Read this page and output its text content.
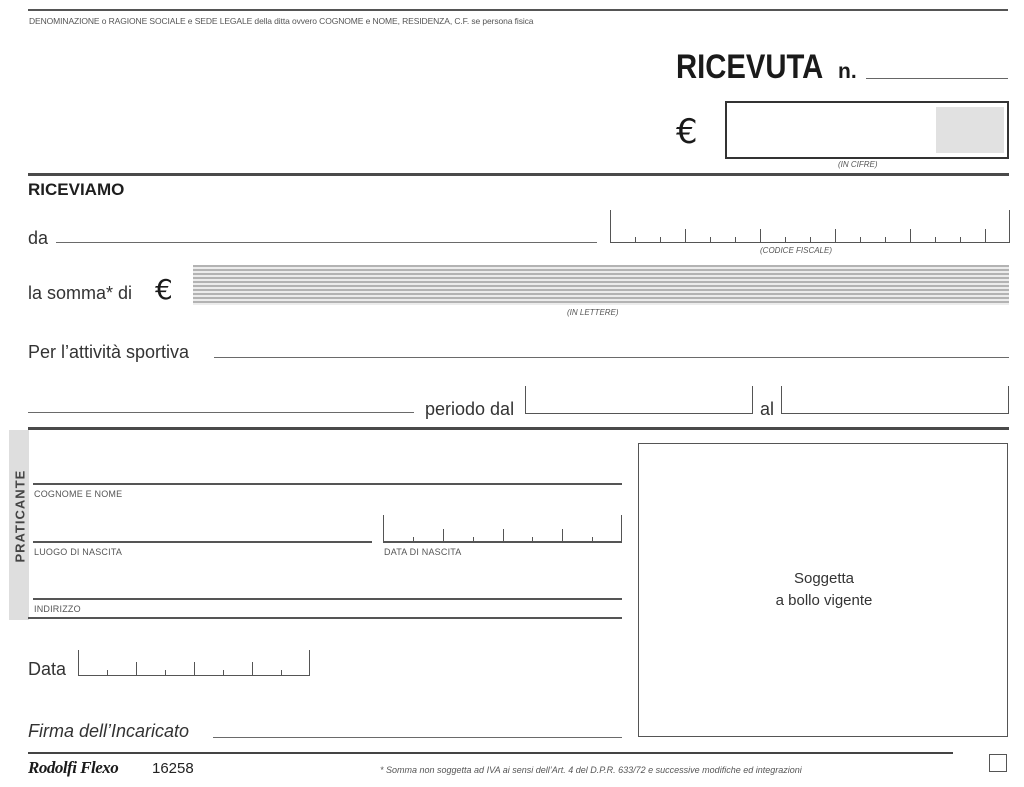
DENOMINAZIONE o RAGIONE SOCIALE e SEDE LEGALE della ditta ovvero COGNOME e NOME, RESIDENZA, C.F. se persona fisica
RICEVUTA n.
€
(IN CIFRE)
RICEVIAMO
da
(CODICE FISCALE)
la somma* di €
(IN LETTERE)
Per l’attività sportiva
periodo dal	al
PRATICANTE COGNOME E NOME
LUOGO DI NASCITA	DATA DI NASCITA
INDIRIZZO
Data
Firma dell’Incaricato
Soggetta
a bollo vigente
Rodolfi Flexo 16258	* Somma non soggetta ad IVA ai sensi dell’Art. 4 del D.P.R. 633/72 e successive modifiche ed integrazioni
